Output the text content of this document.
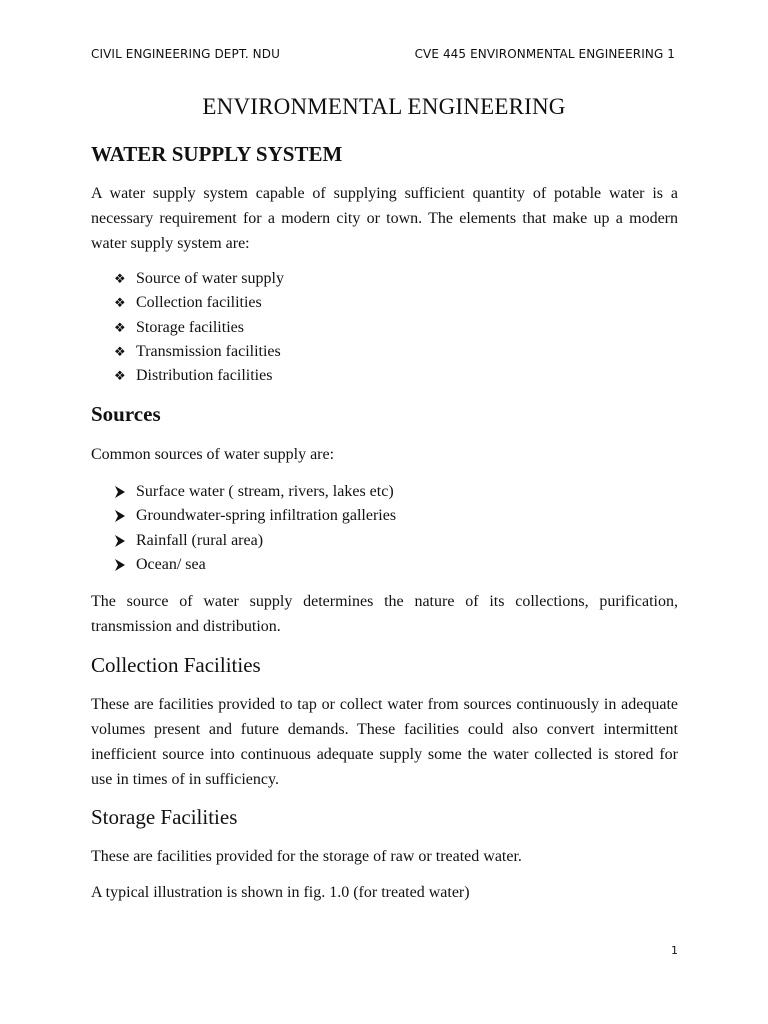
CIVIL ENGINEERING DEPT. NDU	CVE 445 ENVIRONMENTAL ENGINEERING 1
ENVIRONMENTAL ENGINEERING
WATER SUPPLY SYSTEM

A water supply system capable of supplying sufficient quantity of potable water is a necessary requirement for a modern city or town. The elements that make up a modern water supply system are:

❖ Source of water supply
❖ Collection facilities
❖ Storage facilities
❖ Transmission facilities
❖ Distribution facilities
Sources
Common sources of water supply are:
Surface water ( stream, rivers, lakes etc)
Groundwater-spring infiltration galleries
Rainfall (rural area)
Ocean/ sea

The source of water supply determines the nature of its collections, purification, transmission and distribution.

Collection Facilities

These are facilities provided to tap or collect water from sources continuously in adequate volumes present and future demands. These facilities could also convert intermittent inefficient source into continuous adequate supply some the water collected is stored for use in times of in sufficiency.

Storage Facilities
These are facilities provided for the storage of raw or treated water.
A typical illustration is shown in fig. 1.0 (for treated water)
1
